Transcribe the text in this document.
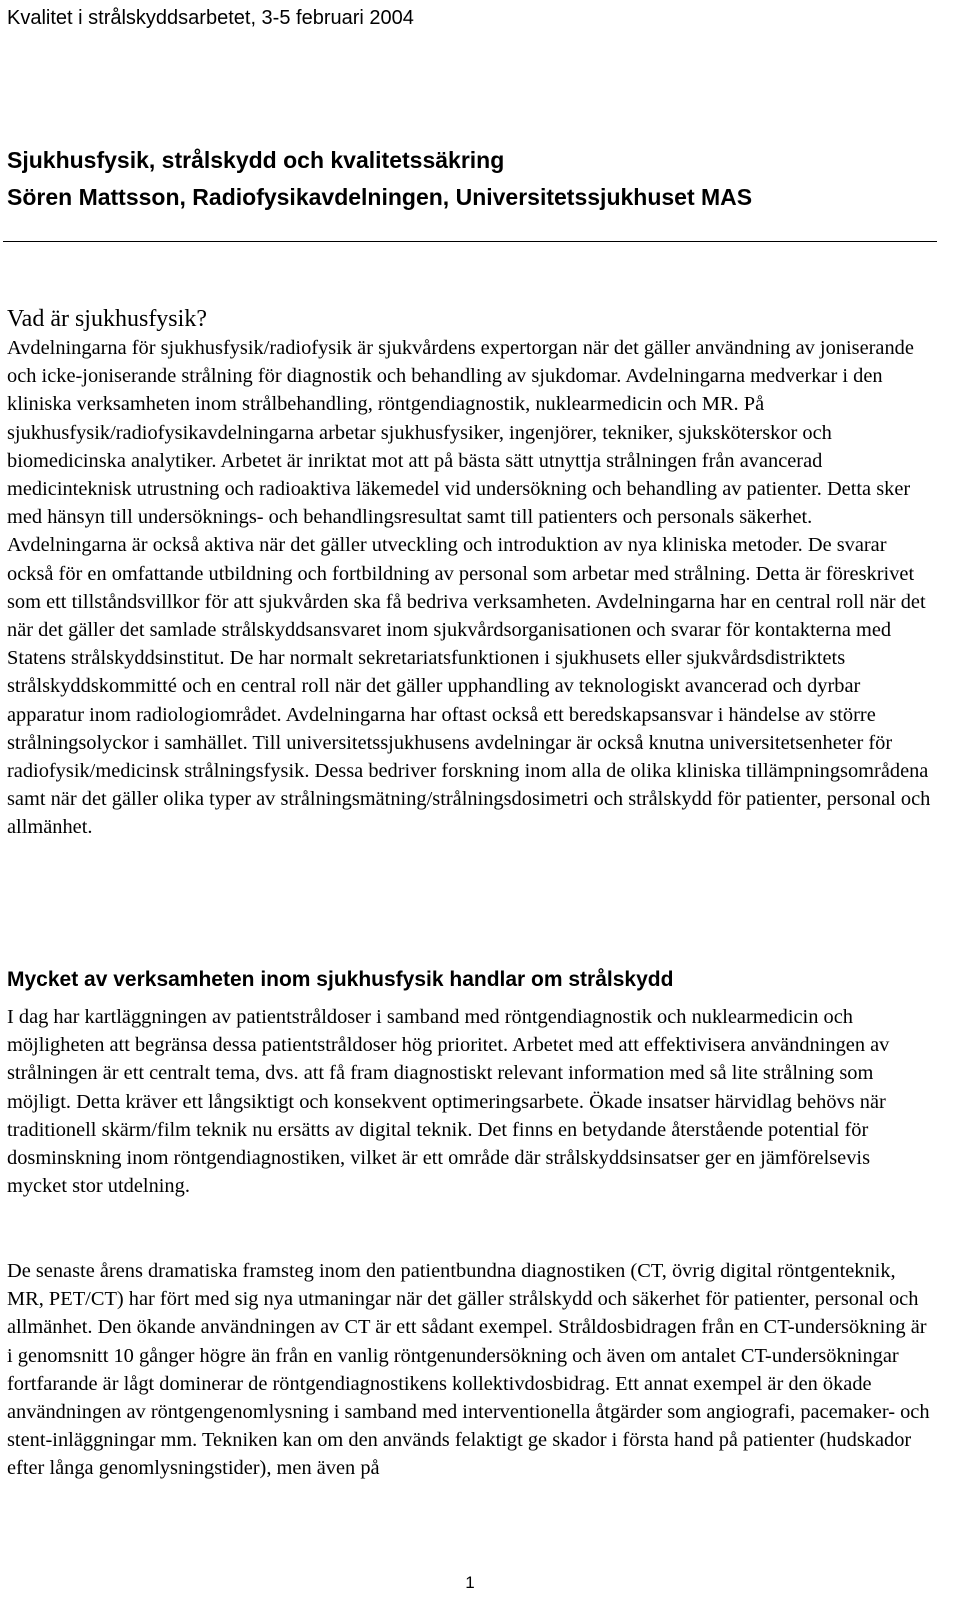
Kvalitet i strålskyddsarbetet, 3-5 februari 2004
Sjukhusfysik, strålskydd och kvalitetssäkring
Sören Mattsson, Radiofysikavdelningen, Universitetssjukhuset MAS
Vad är sjukhusfysik?

Avdelningarna för sjukhusfysik/radiofysik är sjukvårdens expertorgan när det gäller användning av joniserande och icke-joniserande strålning för diagnostik och behandling av sjukdomar. Avdelningarna medverkar i den kliniska verksamheten inom strålbehandling, röntgendiagnostik, nuklearmedicin och MR. På sjukhusfysik/radiofysikavdelningarna arbetar sjukhusfysiker, ingenjörer, tekniker, sjuksköterskor och biomedicinska analytiker. Arbetet är inriktat mot att på bästa sätt utnyttja strålningen från avancerad medicinteknisk utrustning och radioaktiva läkemedel vid undersökning och behandling av patienter. Detta sker med hänsyn till undersöknings- och behandlingsresultat samt till patienters och personals säkerhet. Avdelningarna är också aktiva när det gäller utveckling och introduktion av nya kliniska metoder. De svarar också för en omfattande utbildning och fortbildning av personal som arbetar med strålning. Detta är föreskrivet som ett tillståndsvillkor för att sjukvården ska få bedriva verksamheten. Avdelningarna har en central roll när det när det gäller det samlade strålskyddsansvaret inom sjukvårdsorganisationen och svarar för kontakterna med Statens strålskyddsinstitut. De har normalt sekretariatsfunktionen i sjukhusets eller sjukvårdsdistriktets strålskyddskommitté och en central roll när det gäller upphandling av teknologiskt avancerad och dyrbar apparatur inom radiologiområdet. Avdelningarna har oftast också ett beredskapsansvar i händelse av större strålningsolyckor i samhället. Till universitetssjukhusens avdelningar är också knutna universitetsenheter för radiofysik/medicinsk strålningsfysik. Dessa bedriver forskning inom alla de olika kliniska tillämpningsområdena samt när det gäller olika typer av strålningsmätning/strålningsdosimetri och strålskydd för patienter, personal och allmänhet.

Mycket av verksamheten inom sjukhusfysik handlar om strålskydd

I dag har kartläggningen av patientstråldoser i samband med röntgendiagnostik och nuklearmedicin och möjligheten att begränsa dessa patientstråldoser hög prioritet. Arbetet med att effektivisera användningen av strålningen är ett centralt tema, dvs. att få fram diagnostiskt relevant information med så lite strålning som möjligt. Detta kräver ett långsiktigt och konsekvent optimeringsarbete. Ökade insatser härvidlag behövs när traditionell skärm/film teknik nu ersätts av digital teknik. Det finns en betydande återstående potential för dosminskning inom röntgendiagnostiken, vilket är ett område där strålskyddsinsatser ger en jämförelsevis mycket stor utdelning.

De senaste årens dramatiska framsteg inom den patientbundna diagnostiken (CT, övrig digital röntgenteknik, MR, PET/CT) har fört med sig nya utmaningar när det gäller strålskydd och säkerhet för patienter, personal och allmänhet. Den ökande användningen av CT är ett sådant exempel. Stråldosbidragen från en CT-undersökning är i genomsnitt 10 gånger högre än från en vanlig röntgenundersökning och även om antalet CT-undersökningar fortfarande är lågt dominerar de röntgendiagnostikens kollektivdosbidrag. Ett annat exempel är den ökade användningen av röntgengenomlysning i samband med interventionella åtgärder som angiografi, pacemaker- och stent-inläggningar mm. Tekniken kan om den används felaktigt ge skador i första hand på patienter (hudskador efter långa genomlysningstider), men även på

1
